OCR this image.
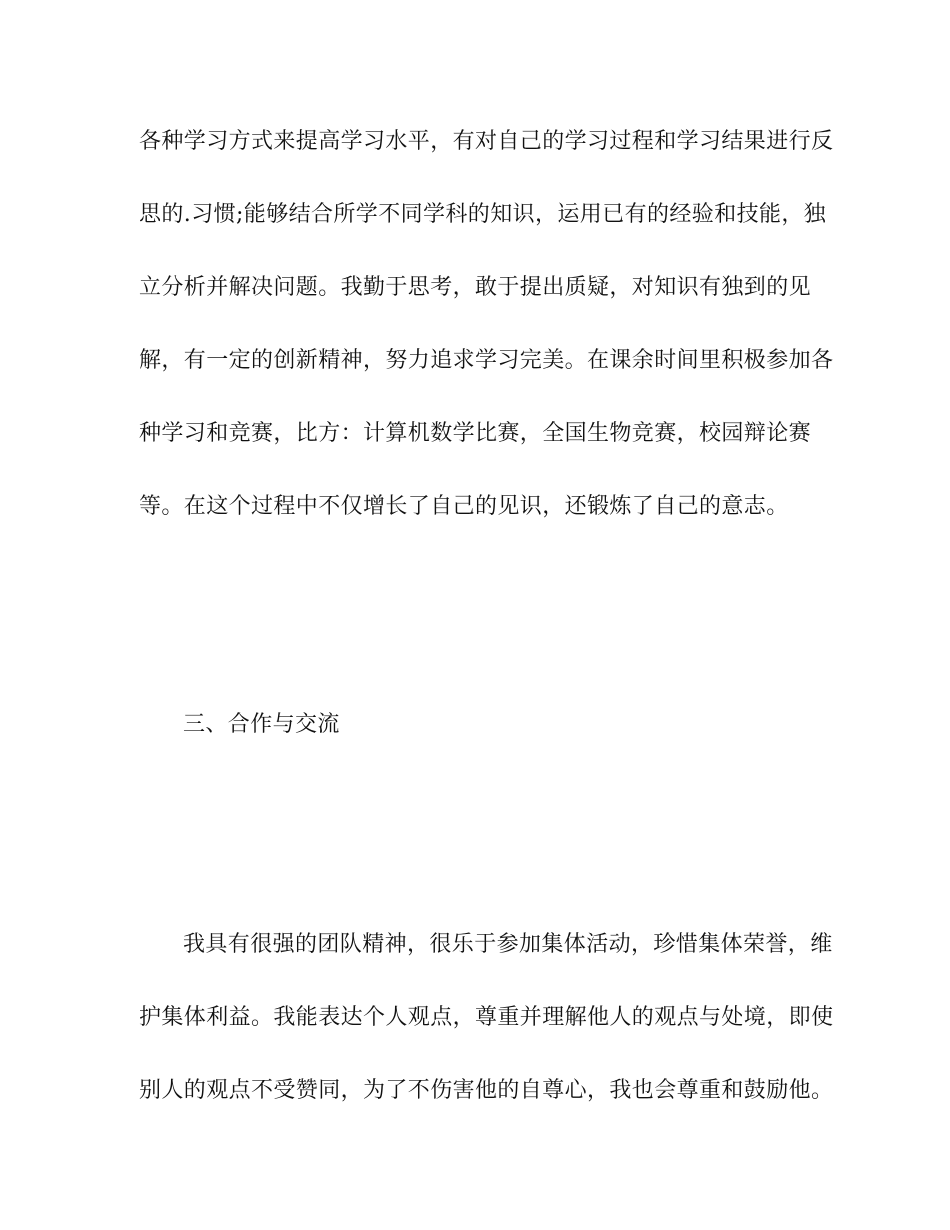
各种学习方式来提高学习水平，有对自己的学习过程和学习结果进行反
思的.习惯;能够结合所学不同学科的知识，运用已有的经验和技能，独
立分析并解决问题。我勤于思考，敢于提出质疑，对知识有独到的见
解，有一定的创新精神，努力追求学习完美。在课余时间里积极参加各
种学习和竞赛，比方：计算机数学比赛，全国生物竞赛，校园辩论赛
等。在这个过程中不仅增长了自己的见识，还锻炼了自己的意志。
三、合作与交流
我具有很强的团队精神，很乐于参加集体活动，珍惜集体荣誉，维
护集体利益。我能表达个人观点，尊重并理解他人的观点与处境，即使
别人的观点不受赞同，为了不伤害他的自尊心，我也会尊重和鼓励他。
